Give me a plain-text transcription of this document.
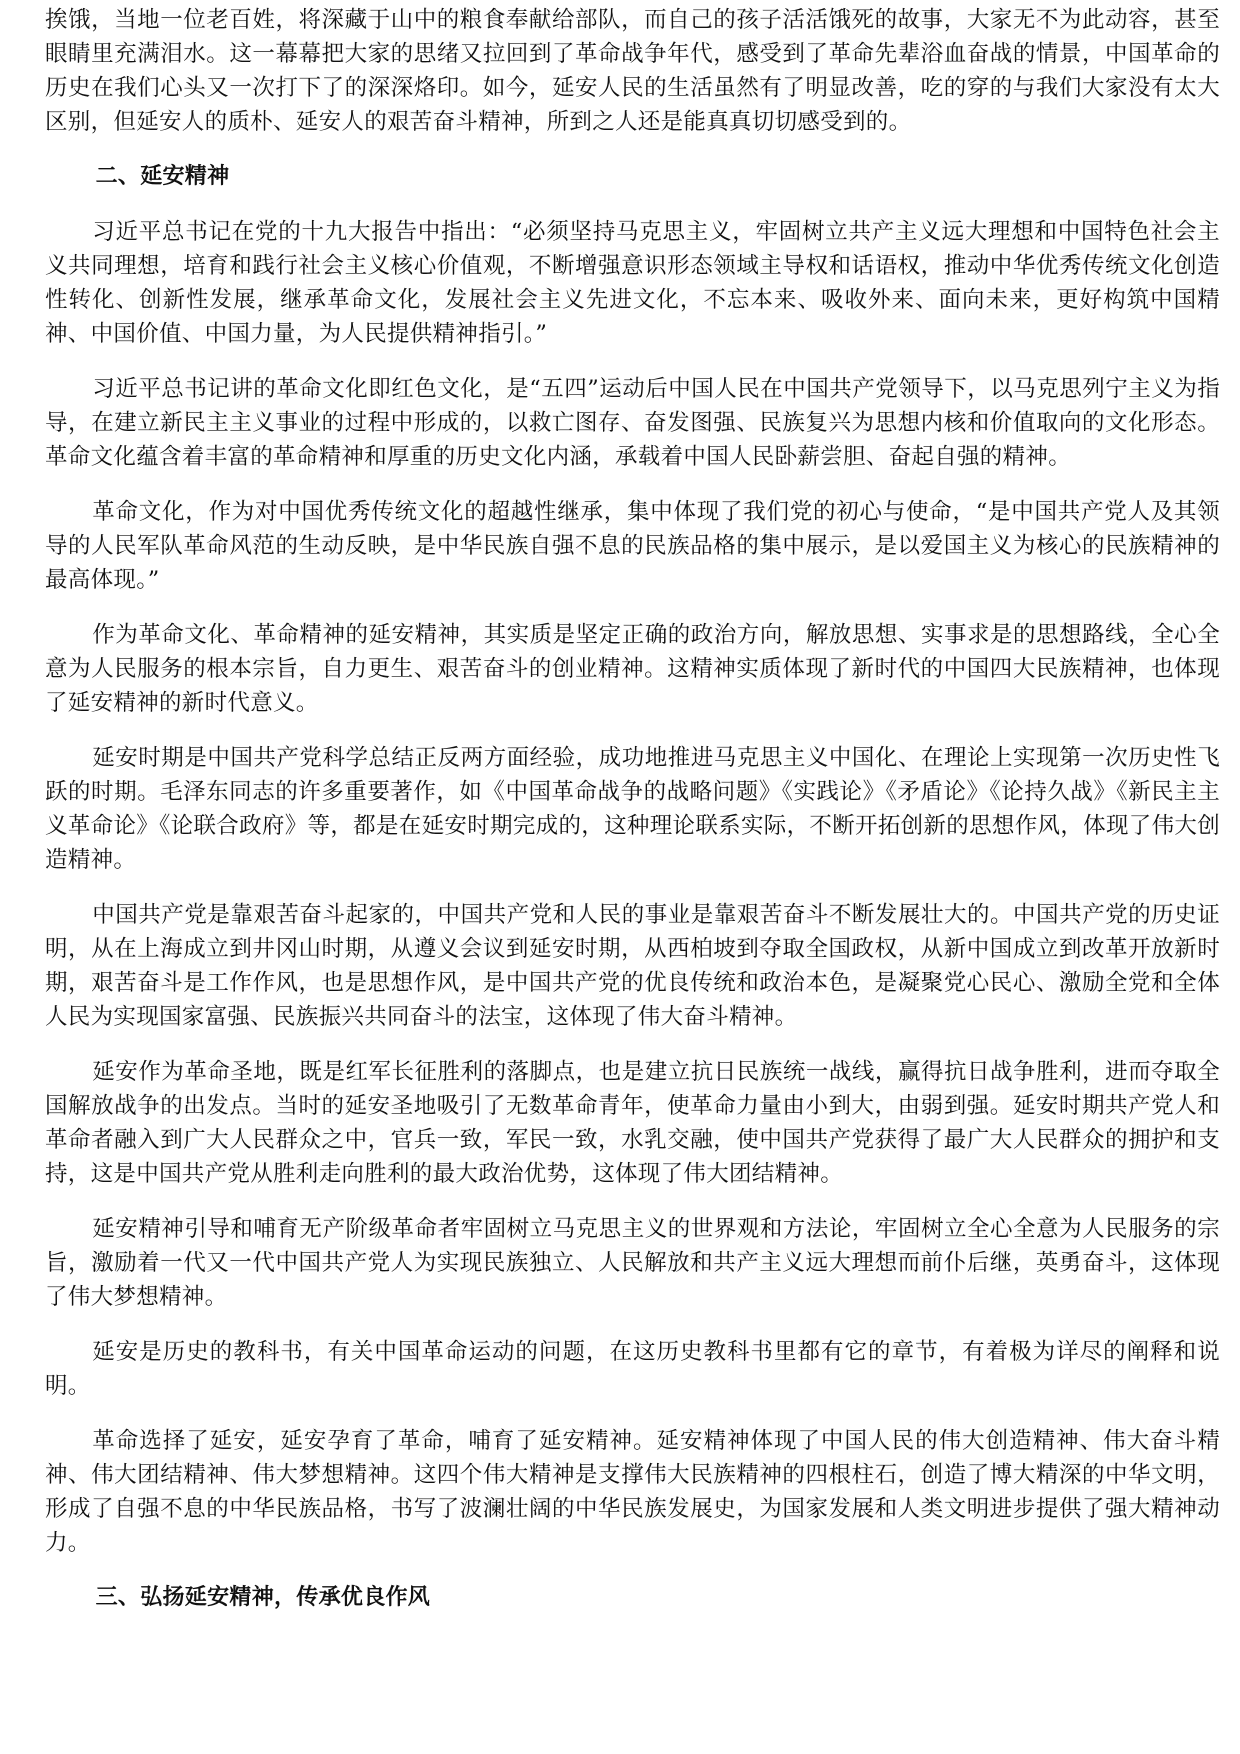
挨饿，当地一位老百姓，将深藏于山中的粮食奉献给部队，而自己的孩子活活饿死的故事，大家无不为此动容，甚至眼睛里充满泪水。这一幕幕把大家的思绪又拉回到了革命战争年代，感受到了革命先辈浴血奋战的情景，中国革命的历史在我们心头又一次打下了的深深烙印。如今，延安人民的生活虽然有了明显改善，吃的穿的与我们大家没有太大区别，但延安人的质朴、延安人的艰苦奋斗精神，所到之人还是能真真切切感受到的。

二、延安精神

习近平总书记在党的十九大报告中指出：“必须坚持马克思主义，牢固树立共产主义远大理想和中国特色社会主义共同理想，培育和践行社会主义核心价值观，不断增强意识形态领域主导权和话语权，推动中华优秀传统文化创造性转化、创新性发展，继承革命文化，发展社会主义先进文化，不忘本来、吸收外来、面向未来，更好构筑中国精神、中国价值、中国力量，为人民提供精神指引。”

习近平总书记讲的革命文化即红色文化，是“五四”运动后中国人民在中国共产党领导下，以马克思列宁主义为指导，在建立新民主主义事业的过程中形成的，以救亡图存、奋发图强、民族复兴为思想内核和价值取向的文化形态。革命文化蕴含着丰富的革命精神和厚重的历史文化内涵，承载着中国人民卧薪尝胆、奋起自强的精神。

革命文化，作为对中国优秀传统文化的超越性继承，集中体现了我们党的初心与使命，“是中国共产党人及其领导的人民军队革命风范的生动反映，是中华民族自强不息的民族品格的集中展示，是以爱国主义为核心的民族精神的最高体现。”

作为革命文化、革命精神的延安精神，其实质是坚定正确的政治方向，解放思想、实事求是的思想路线，全心全意为人民服务的根本宗旨，自力更生、艰苦奋斗的创业精神。这精神实质体现了新时代的中国四大民族精神，也体现了延安精神的新时代意义。

延安时期是中国共产党科学总结正反两方面经验，成功地推进马克思主义中国化、在理论上实现第一次历史性飞跃的时期。毛泽东同志的许多重要著作，如《中国革命战争的战略问题》《实践论》《矛盾论》《论持久战》《新民主主义革命论》《论联合政府》等，都是在延安时期完成的，这种理论联系实际，不断开拓创新的思想作风，体现了伟大创造精神。

中国共产党是靠艰苦奋斗起家的，中国共产党和人民的事业是靠艰苦奋斗不断发展壮大的。中国共产党的历史证明，从在上海成立到井冈山时期，从遵义会议到延安时期，从西柏坡到夺取全国政权，从新中国成立到改革开放新时期，艰苦奋斗是工作作风，也是思想作风，是中国共产党的优良传统和政治本色，是凝聚党心民心、激励全党和全体人民为实现国家富强、民族振兴共同奋斗的法宝，这体现了伟大奋斗精神。

延安作为革命圣地，既是红军长征胜利的落脚点，也是建立抗日民族统一战线，赢得抗日战争胜利，进而夺取全国解放战争的出发点。当时的延安圣地吸引了无数革命青年，使革命力量由小到大，由弱到强。延安时期共产党人和革命者融入到广大人民群众之中，官兵一致，军民一致，水乳交融，使中国共产党获得了最广大人民群众的拥护和支持，这是中国共产党从胜利走向胜利的最大政治优势，这体现了伟大团结精神。

延安精神引导和哺育无产阶级革命者牢固树立马克思主义的世界观和方法论，牢固树立全心全意为人民服务的宗旨，激励着一代又一代中国共产党人为实现民族独立、人民解放和共产主义远大理想而前仆后继，英勇奋斗，这体现了伟大梦想精神。

延安是历史的教科书，有关中国革命运动的问题，在这历史教科书里都有它的章节，有着极为详尽的阐释和说明。

革命选择了延安，延安孕育了革命，哺育了延安精神。延安精神体现了中国人民的伟大创造精神、伟大奋斗精神、伟大团结精神、伟大梦想精神。这四个伟大精神是支撑伟大民族精神的四根柱石，创造了博大精深的中华文明，形成了自强不息的中华民族品格，书写了波澜壮阔的中华民族发展史，为国家发展和人类文明进步提供了强大精神动力。

三、弘扬延安精神，传承优良作风
